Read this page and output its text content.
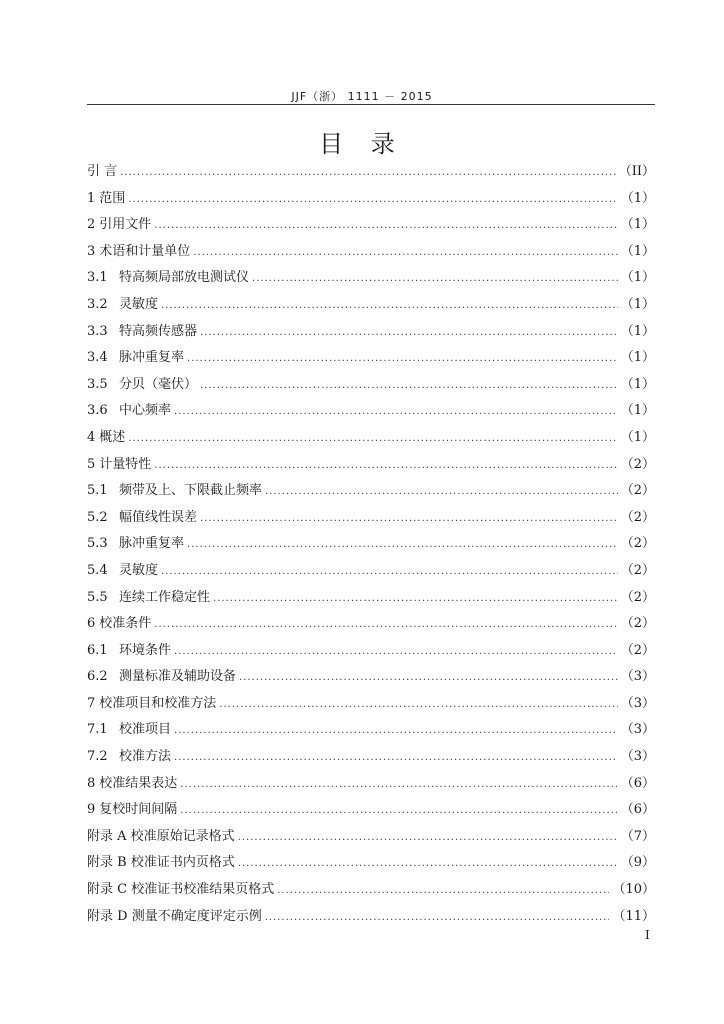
JJF（浙） 1111 － 2015
目 录
引 言 .....	（II）
1 范围 .....	（1）
2 引用文件 .....	（1）
3 术语和计量单位 .....	（1）
3.1 特高频局部放电测试仪 .....	（1）
3.2 灵敏度 .....	（1）
3.3 特高频传感器 .....	（1）
3.4 脉冲重复率 .....	（1）
3.5 分贝（毫伏） .....	（1）
3.6 中心频率 .....	（1）
4 概述 .....	（1）
5 计量特性 .....	（2）
5.1 频带及上、下限截止频率 .....	（2）
5.2 幅值线性误差 .....	（2）
5.3 脉冲重复率 .....	（2）
5.4 灵敏度 .....	（2）
5.5 连续工作稳定性 .....	（2）
6 校准条件 .....	（2）
6.1 环境条件 .....	（2）
6.2 测量标准及辅助设备 .....	（3）
7 校准项目和校准方法 .....	（3）
7.1 校准项目 .....	（3）
7.2 校准方法 .....	（3）
8 校准结果表达 .....	（6）
9 复校时间间隔 .....	（6）
附录 A 校准原始记录格式 .....	（7）
附录 B 校准证书内页格式 .....	（9）
附录 C 校准证书校准结果页格式 .....	（10）
附录 D 测量不确定度评定示例 .....	（11）
I
